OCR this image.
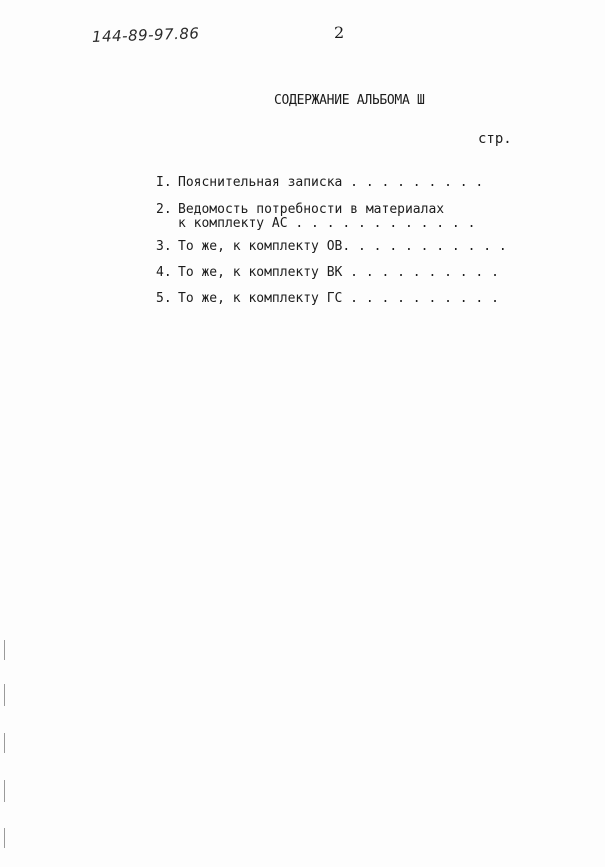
144-89-97.86	2
СОДЕРЖАНИЕ АЛЬБОМА Ш
стр.
I. Пояснительная записка . . . . . . . . .
2. Ведомость потребности в материалах
к комплекту АС . . . . . . . . . . . .
3. То же, к комплекту ОВ. . . . . . . . . . .
4. То же, к комплекту ВК . . . . . . . . . .
5. То же, к комплекту ГС . . . . . . . . . .
